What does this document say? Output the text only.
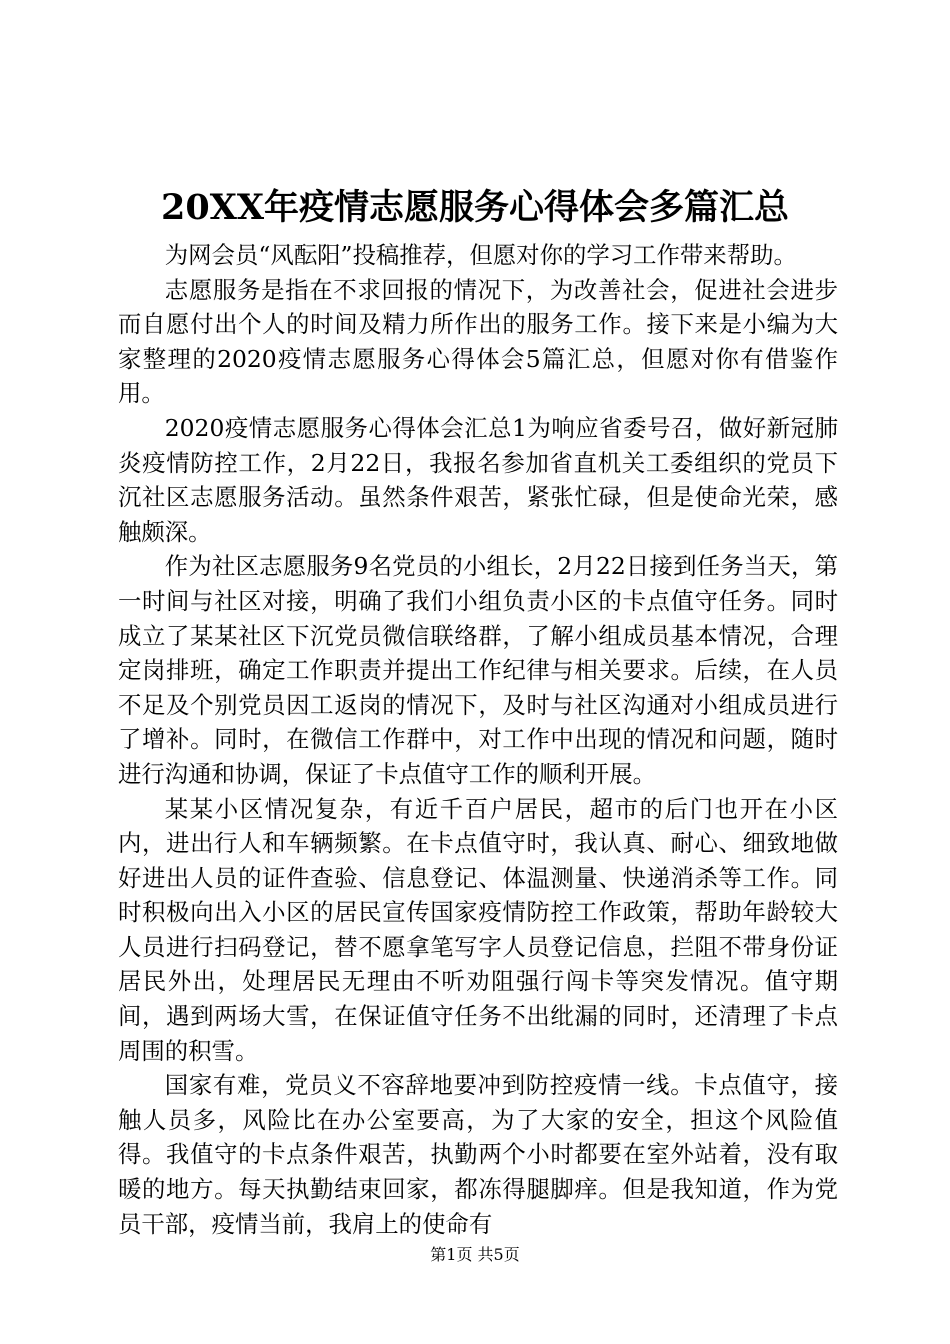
20XX年疫情志愿服务心得体会多篇汇总

为网会员“风酝阳”投稿推荐，但愿对你的学习工作带来帮助。

志愿服务是指在不求回报的情况下，为改善社会，促进社会进步而自愿付出个人的时间及精力所作出的服务工作。接下来是小编为大家整理的2020疫情志愿服务心得体会5篇汇总，但愿对你有借鉴作用。

2020疫情志愿服务心得体会汇总1为响应省委号召，做好新冠肺炎疫情防控工作，2月22日，我报名参加省直机关工委组织的党员下沉社区志愿服务活动。虽然条件艰苦，紧张忙碌，但是使命光荣，感触颇深。

作为社区志愿服务9名党员的小组长，2月22日接到任务当天，第一时间与社区对接，明确了我们小组负责小区的卡点值守任务。同时成立了某某社区下沉党员微信联络群，了解小组成员基本情况，合理定岗排班，确定工作职责并提出工作纪律与相关要求。后续，在人员不足及个别党员因工返岗的情况下，及时与社区沟通对小组成员进行了增补。同时，在微信工作群中，对工作中出现的情况和问题，随时进行沟通和协调，保证了卡点值守工作的顺利开展。

某某小区情况复杂，有近千百户居民，超市的后门也开在小区内，进出行人和车辆频繁。在卡点值守时，我认真、耐心、细致地做好进出人员的证件查验、信息登记、体温测量、快递消杀等工作。同时积极向出入小区的居民宣传国家疫情防控工作政策，帮助年龄较大人员进行扫码登记，替不愿拿笔写字人员登记信息，拦阻不带身份证居民外出，处理居民无理由不听劝阻强行闯卡等突发情况。值守期间，遇到两场大雪，在保证值守任务不出纰漏的同时，还清理了卡点周围的积雪。

国家有难，党员义不容辞地要冲到防控疫情一线。卡点值守，接触人员多，风险比在办公室要高，为了大家的安全，担这个风险值得。我值守的卡点条件艰苦，执勤两个小时都要在室外站着，没有取暖的地方。每天执勤结束回家，都冻得腿脚痒。但是我知道，作为党员干部，疫情当前，我肩上的使命有

第1页 共5页
